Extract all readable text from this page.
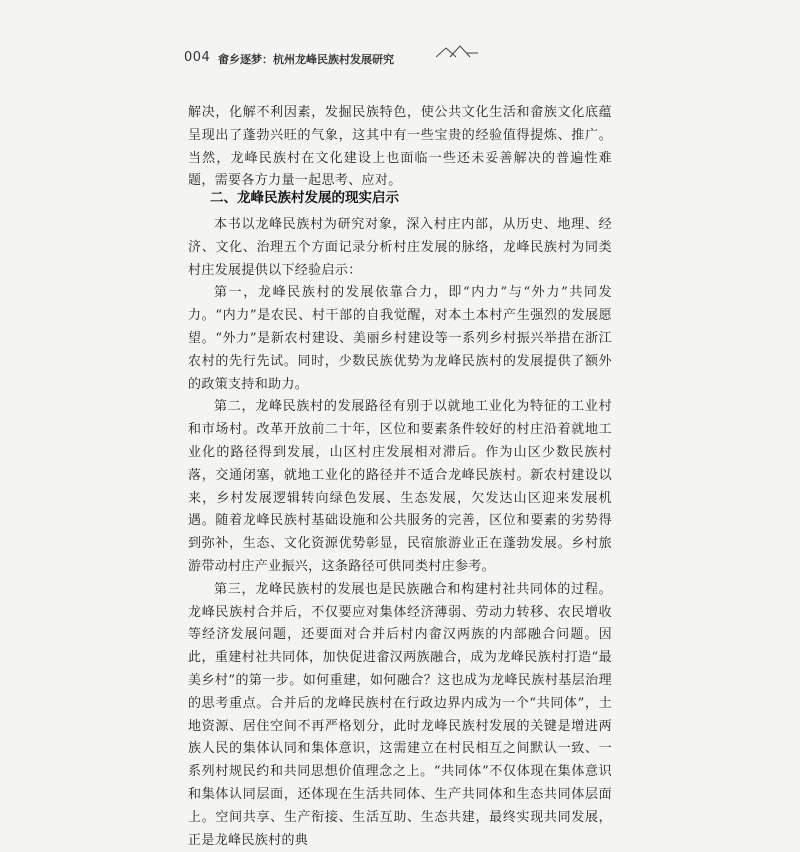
004 畲乡逐梦：杭州龙峰民族村发展研究

解决，化解不利因素，发掘民族特色，使公共文化生活和畲族文化底蕴呈现出了蓬勃兴旺的气象，这其中有一些宝贵的经验值得提炼、推广。当然，龙峰民族村在文化建设上也面临一些还未妥善解决的普遍性难题，需要各方力量一起思考、应对。

二、龙峰民族村发展的现实启示

本书以龙峰民族村为研究对象，深入村庄内部，从历史、地理、经济、文化、治理五个方面记录分析村庄发展的脉络，龙峰民族村为同类村庄发展提供以下经验启示：

第一，龙峰民族村的发展依靠合力，即“内力”与“外力”共同发力。“内力”是农民、村干部的自我觉醒，对本土本村产生强烈的发展愿望。“外力”是新农村建设、美丽乡村建设等一系列乡村振兴举措在浙江农村的先行先试。同时，少数民族优势为龙峰民族村的发展提供了额外的政策支持和助力。

第二，龙峰民族村的发展路径有别于以就地工业化为特征的工业村和市场村。改革开放前二十年，区位和要素条件较好的村庄沿着就地工业化的路径得到发展，山区村庄发展相对滞后。作为山区少数民族村落，交通闭塞，就地工业化的路径并不适合龙峰民族村。新农村建设以来，乡村发展逻辑转向绿色发展、生态发展，欠发达山区迎来发展机遇。随着龙峰民族村基础设施和公共服务的完善，区位和要素的劣势得到弥补，生态、文化资源优势彰显，民宿旅游业正在蓬勃发展。乡村旅游带动村庄产业振兴，这条路径可供同类村庄参考。

第三，龙峰民族村的发展也是民族融合和构建村社共同体的过程。龙峰民族村合并后，不仅要应对集体经济薄弱、劳动力转移、农民增收等经济发展问题，还要面对合并后村内畲汉两族的内部融合问题。因此，重建村社共同体，加快促进畲汉两族融合，成为龙峰民族村打造“最美乡村”的第一步。如何重建，如何融合？这也成为龙峰民族村基层治理的思考重点。合并后的龙峰民族村在行政边界内成为一个“共同体”，土地资源、居住空间不再严格划分，此时龙峰民族村发展的关键是增进两族人民的集体认同和集体意识，这需建立在村民相互之间默认一致、一系列村规民约和共同思想价值理念之上。“共同体”不仅体现在集体意识和集体认同层面，还体现在生活共同体、生产共同体和生态共同体层面上。空间共享、生产衔接、生活互助、生态共建，最终实现共同发展，正是龙峰民族村的典
